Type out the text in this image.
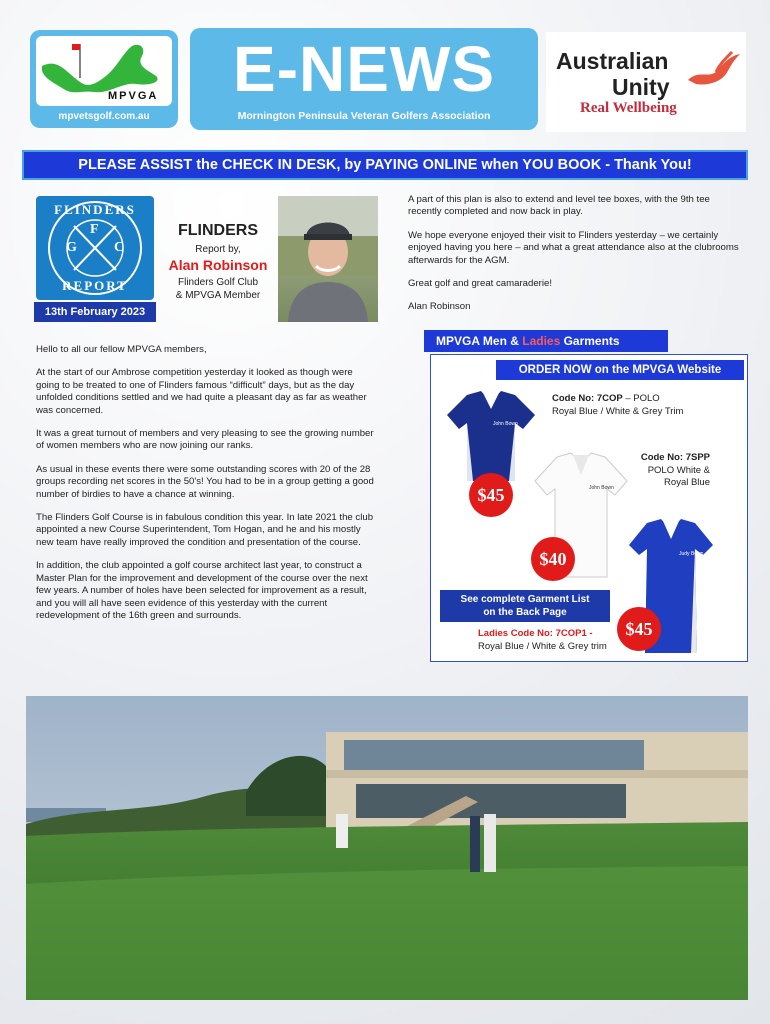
MPVGA
mpvetsgolf.com.au
E-NEWS
Mornington Peninsula Veteran Golfers Association
Australian
Unity
Real Wellbeing
PLEASE ASSIST the CHECK IN DESK, by PAYING ONLINE when YOU BOOK - Thank You!
FLINDERS
REPORT
G
F
C
13th February 2023
FLINDERS
Report by,
Alan Robinson
Flinders Golf Club
& MPVGA Member

Hello to all our fellow MPVGA members,

At the start of our Ambrose competition yesterday it looked as though were going to be treated to one of Flinders famous “difficult” days, but as the day unfolded conditions settled and we had quite a pleasant day as far as weather was concerned.

It was a great turnout of members and very pleasing to see the growing number of women members who are now joining our ranks.

As usual in these events there were some outstanding scores with 20 of the 28 groups recording net scores in the 50's! You had to be in a group getting a good number of birdies to have a chance at winning.

The Flinders Golf Course is in fabulous condition this year. In late 2021 the club appointed a new Course Superintendent, Tom Hogan, and he and his mostly new team have really improved the condition and presentation of the course.

In addition, the club appointed a golf course architect last year, to construct a Master Plan for the improvement and development of the course over the next few years. A number of holes have been selected for improvement as a result, and you will all have seen evidence of this yesterday with the current redevelopment of the 16th green and surrounds.

A part of this plan is also to extend and level tee boxes, with the 9th tee recently completed and now back in play.

We hope everyone enjoyed their visit to Flinders yesterday – we certainly enjoyed having you here – and what a great attendance also at the clubrooms afterwards for the AGM.

Great golf and great camaraderie!

Alan Robinson

John Bown
John Bown
Judy Bown
$45
$40
$45
MPVGA Men & Ladies Garments
ORDER NOW on the MPVGA Website
Code No: 7COP – POLO
Royal Blue / White & Grey Trim
Code No: 7SPP
POLO White &
Royal Blue
See complete Garment List
on the Back Page
Ladies Code No: 7COP1 -
Royal Blue / White & Grey trim
